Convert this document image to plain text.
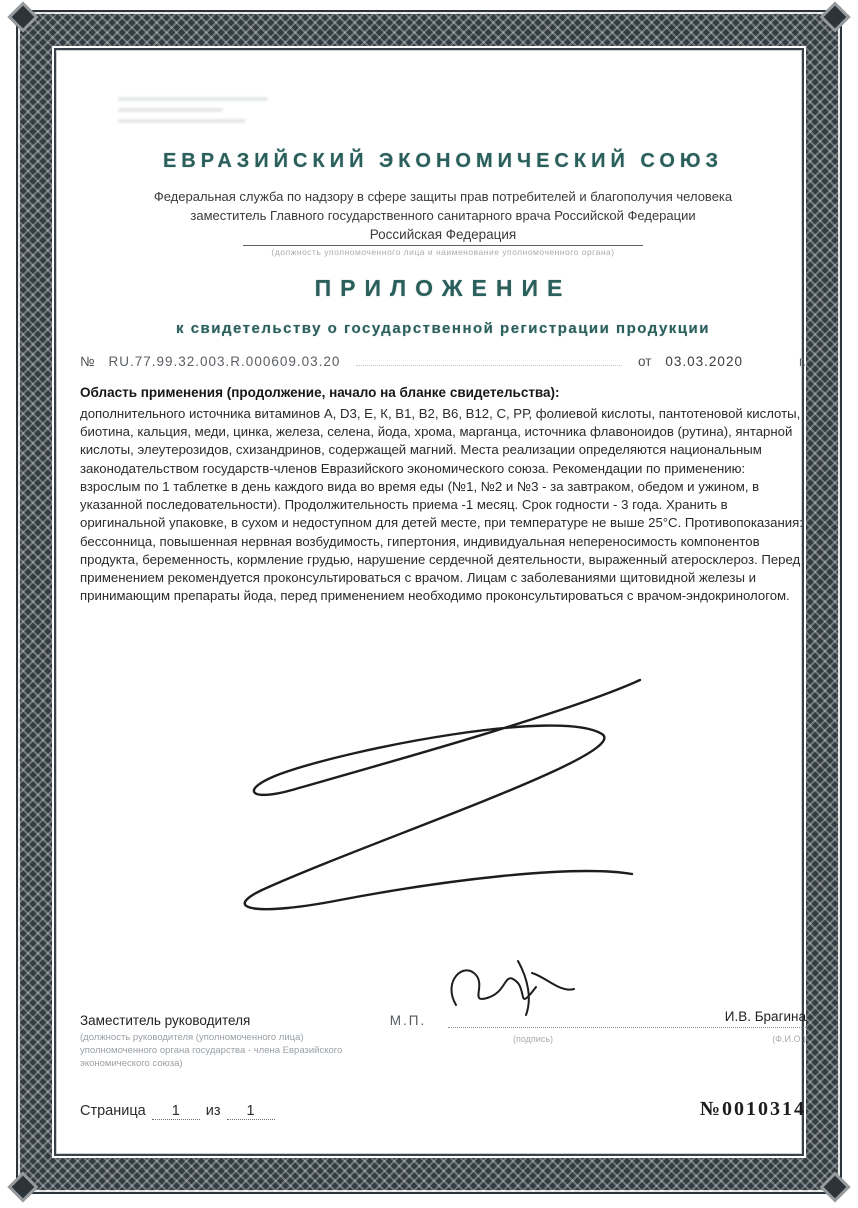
ЕВРАЗИЙСКИЙ ЭКОНОМИЧЕСКИЙ СОЮЗ
Федеральная служба по надзору в сфере защиты прав потребителей и благополучия человека
заместитель Главного государственного санитарного врача Российской Федерации
Российская Федерация
(должность уполномоченного лица и наименование уполномоченного органа)
ПРИЛОЖЕНИЕ
к свидетельству о государственной регистрации продукции
№ RU.77.99.32.003.R.000609.03.20	от 03.03.2020	г.
Область применения (продолжение, начало на бланке свидетельства):
дополнительного источника витаминов А, D3, Е, К, В1, В2, В6, В12, С, РР, фолиевой кислоты, пантотеновой кислоты, биотина, кальция, меди, цинка, железа, селена, йода, хрома, марганца, источника флавоноидов (рутина), янтарной кислоты, элеутерозидов, схизандринов, содержащей магний. Места реализации определяются национальным законодательством государств-членов Евразийского экономического союза. Рекомендации по применению: взрослым по 1 таблетке в день каждого вида во время еды (№1, №2 и №3 - за завтраком, обедом и ужином, в указанной последовательности). Продолжительность приема -1 месяц. Срок годности - 3 года. Хранить в оригинальной упаковке, в сухом и недоступном для детей месте, при температуре не выше 25°С. Противопоказания: бессонница, повышенная нервная возбудимость, гипертония, индивидуальная непереносимость компонентов продукта, беременность, кормление грудью, нарушение сердечной деятельности, выраженный атеросклероз. Перед применением рекомендуется проконсультироваться с врачом. Лицам с заболеваниями щитовидной железы и принимающим препараты йода, перед применением необходимо проконсультироваться с врачом-эндокринологом.
Заместитель руководителя	М.П.	И.В. Брагина
(должность руководителя (уполномоченного лица) уполномоченного органа государства - члена Евразийского экономического союза)
(подпись)	(Ф.И.О.)
Страница	1	из	1	№0010314
